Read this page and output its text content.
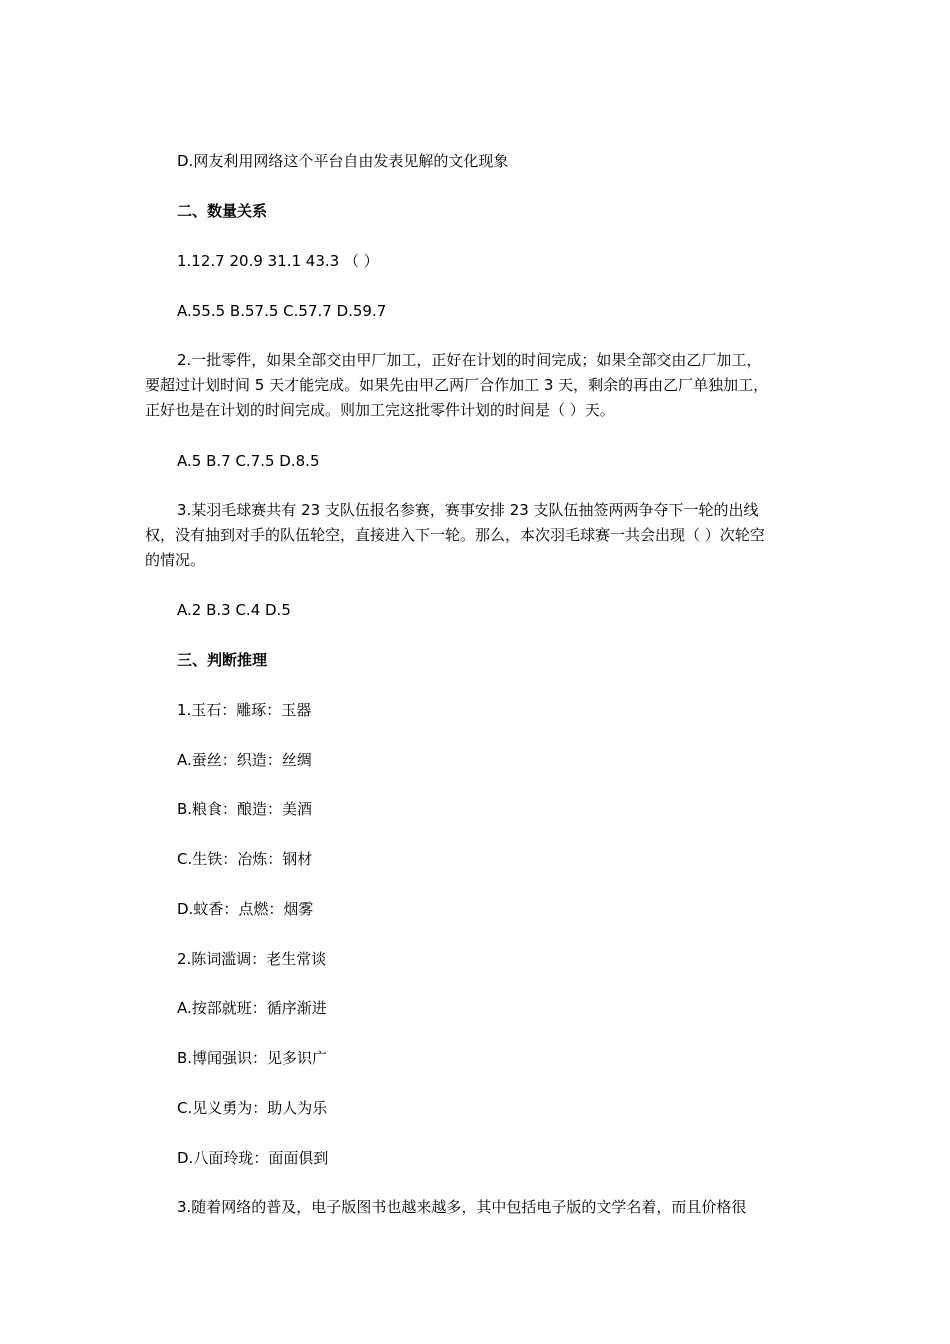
D.网友利用网络这个平台自由发表见解的文化现象
二、数量关系
1.12.7 20.9 31.1 43.3 （ ）
A.55.5 B.57.5 C.57.7 D.59.7
2.一批零件，如果全部交由甲厂加工，正好在计划的时间完成；如果全部交由乙厂加工，
要超过计划时间 5 天才能完成。如果先由甲乙两厂合作加工 3 天，剩余的再由乙厂单独加工，
正好也是在计划的时间完成。则加工完这批零件计划的时间是（ ）天。
A.5 B.7 C.7.5 D.8.5
3.某羽毛球赛共有 23 支队伍报名参赛，赛事安排 23 支队伍抽签两两争夺下一轮的出线
权，没有抽到对手的队伍轮空，直接进入下一轮。那么，本次羽毛球赛一共会出现（ ）次轮空
的情况。
A.2 B.3 C.4 D.5
三、判断推理
1.玉石：雕琢：玉器
A.蚕丝：织造：丝绸
B.粮食：酿造：美酒
C.生铁：冶炼：钢材
D.蚊香：点燃：烟雾
2.陈词滥调：老生常谈
A.按部就班：循序渐进
B.博闻强识：见多识广
C.见义勇为：助人为乐
D.八面玲珑：面面俱到
3.随着网络的普及，电子版图书也越来越多，其中包括电子版的文学名着，而且价格很
